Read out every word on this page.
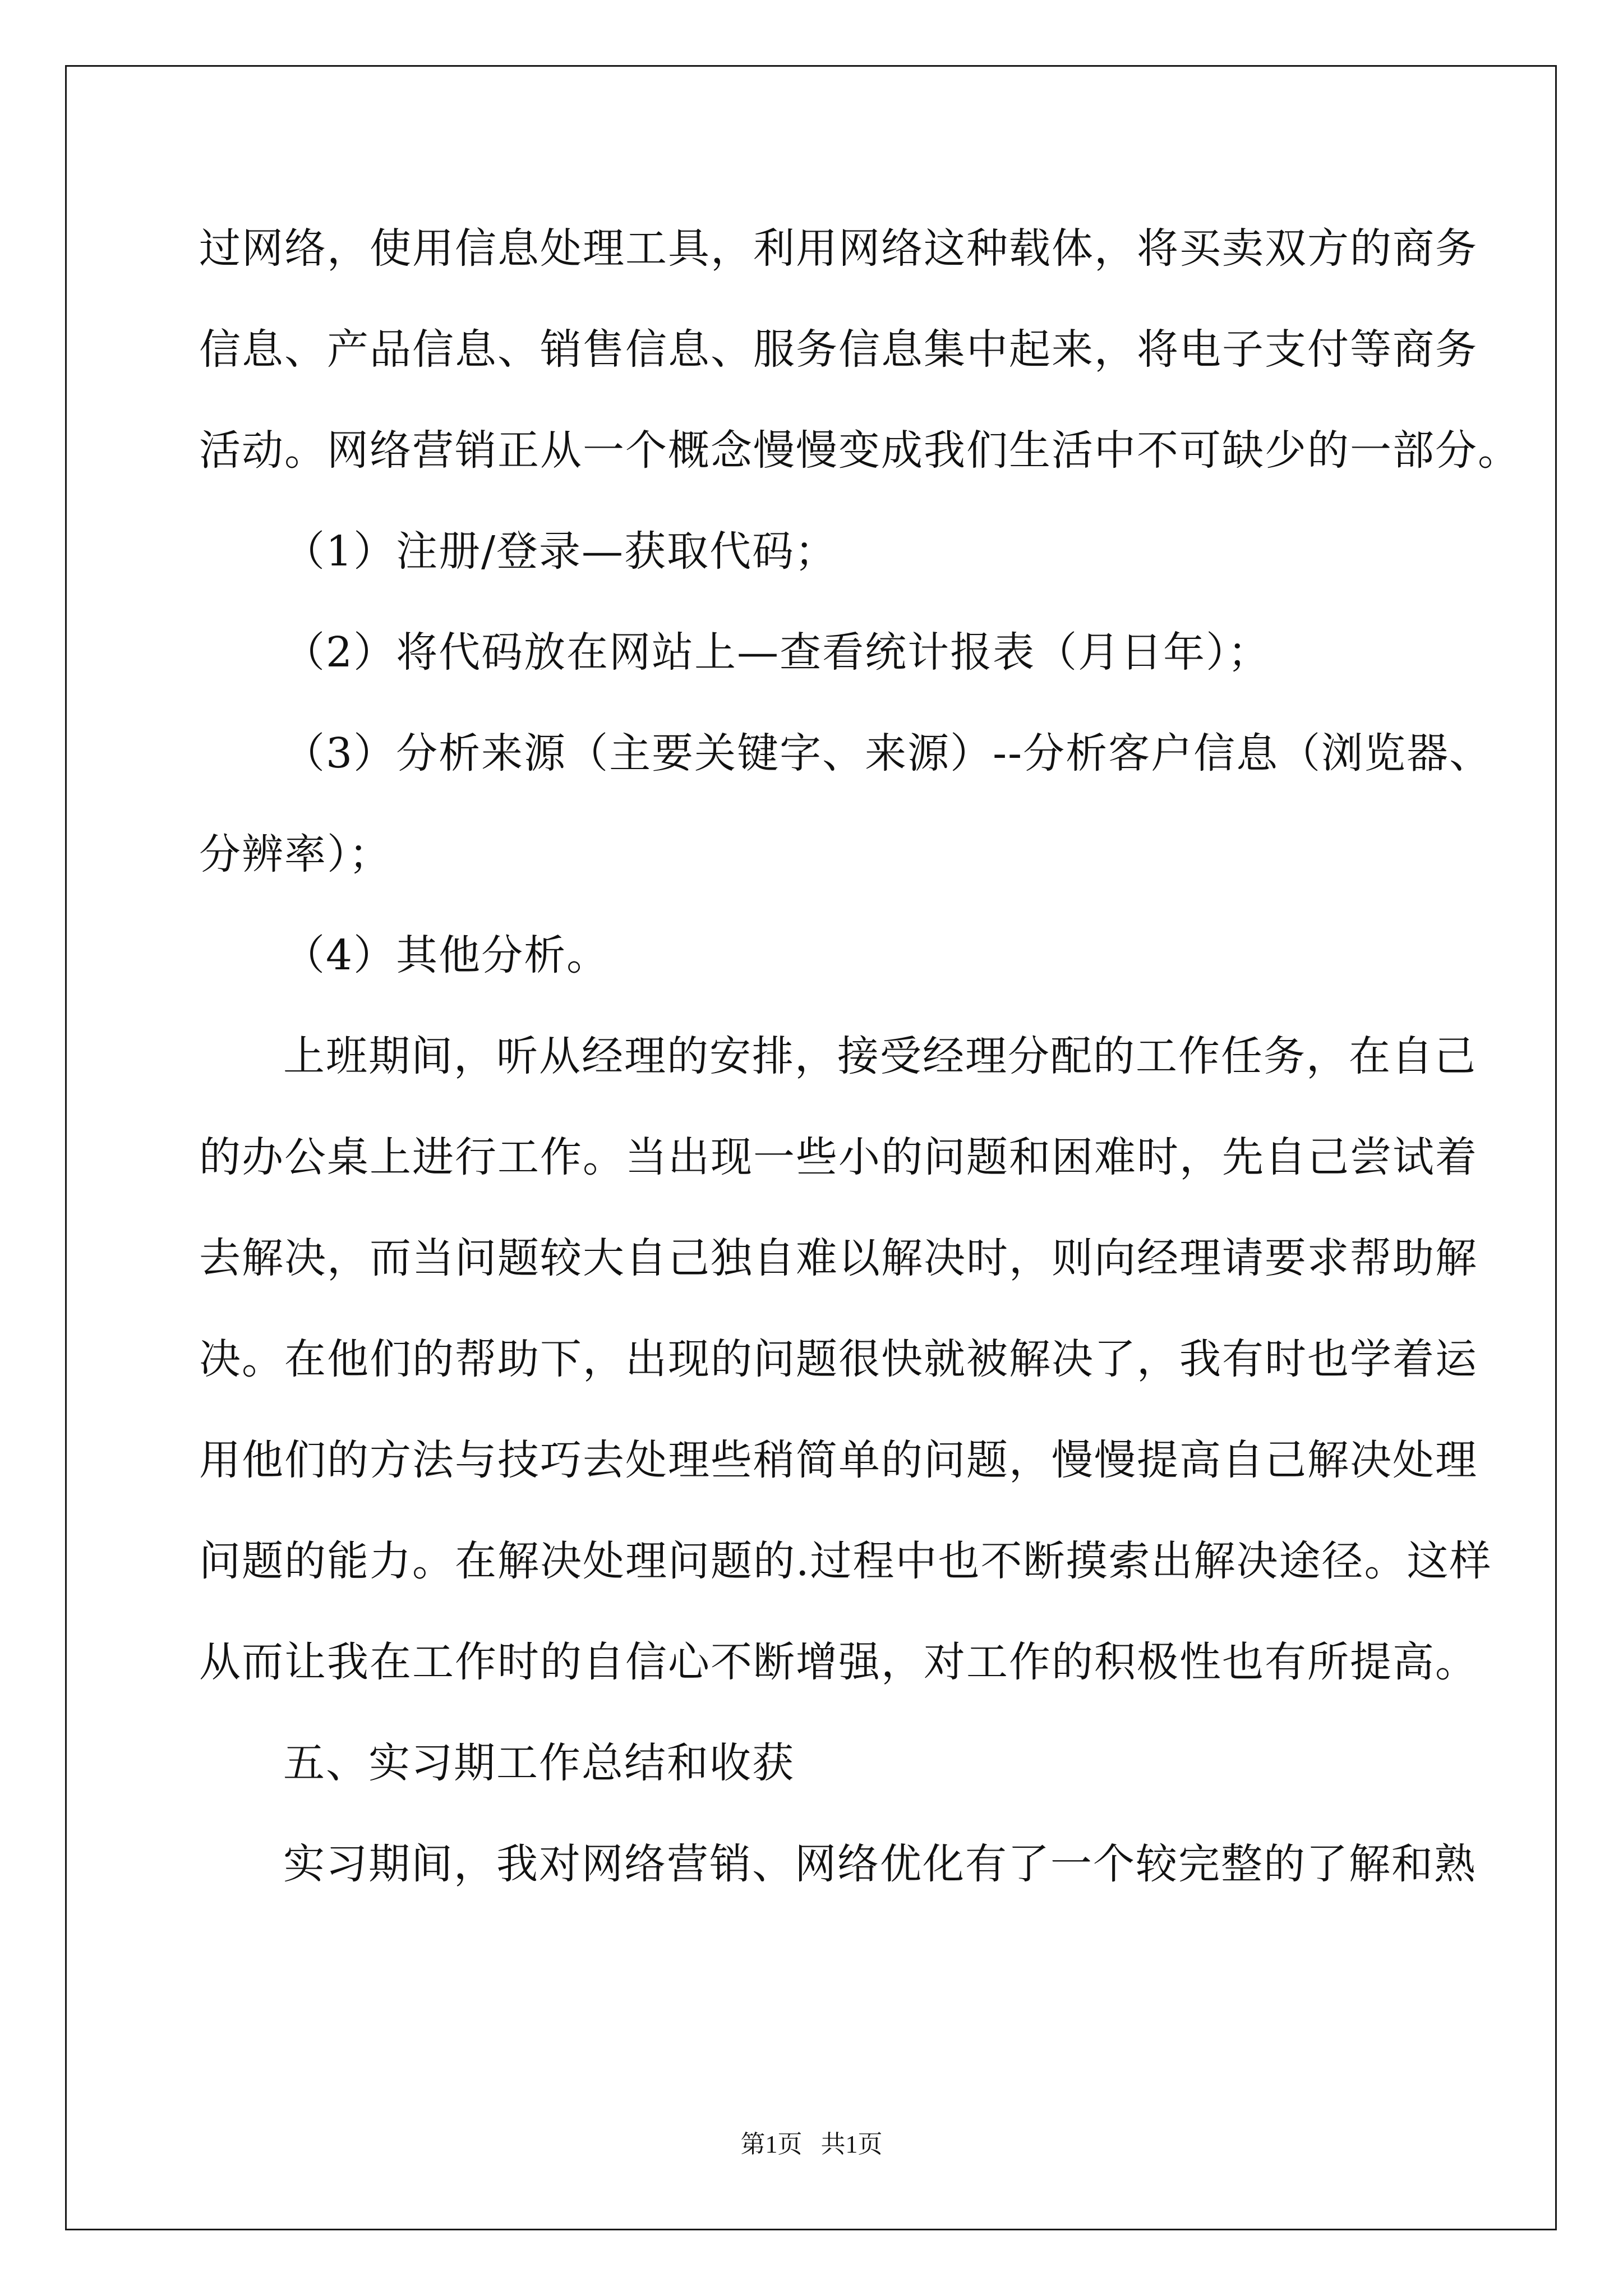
过网络，使用信息处理工具，利用网络这种载体，将买卖双方的商务
信息、产品信息、销售信息、服务信息集中起来，将电子支付等商务
活动。网络营销正从一个概念慢慢变成我们生活中不可缺少的一部分。
（1）注册/登录—获取代码；
（2）将代码放在网站上—查看统计报表（月日年）；
（3）分析来源（主要关键字、来源）--分析客户信息（浏览器、
分辨率）；
（4）其他分析。
上班期间，听从经理的安排，接受经理分配的工作任务，在自己
的办公桌上进行工作。当出现一些小的问题和困难时，先自己尝试着
去解决，而当问题较大自己独自难以解决时，则向经理请要求帮助解
决。在他们的帮助下，出现的问题很快就被解决了，我有时也学着运
用他们的方法与技巧去处理些稍简单的问题，慢慢提高自己解决处理
问题的能力。在解决处理问题的.过程中也不断摸索出解决途径。这样
从而让我在工作时的自信心不断增强，对工作的积极性也有所提高。
五、实习期工作总结和收获
实习期间，我对网络营销、网络优化有了一个较完整的了解和熟
第1页 共1页
